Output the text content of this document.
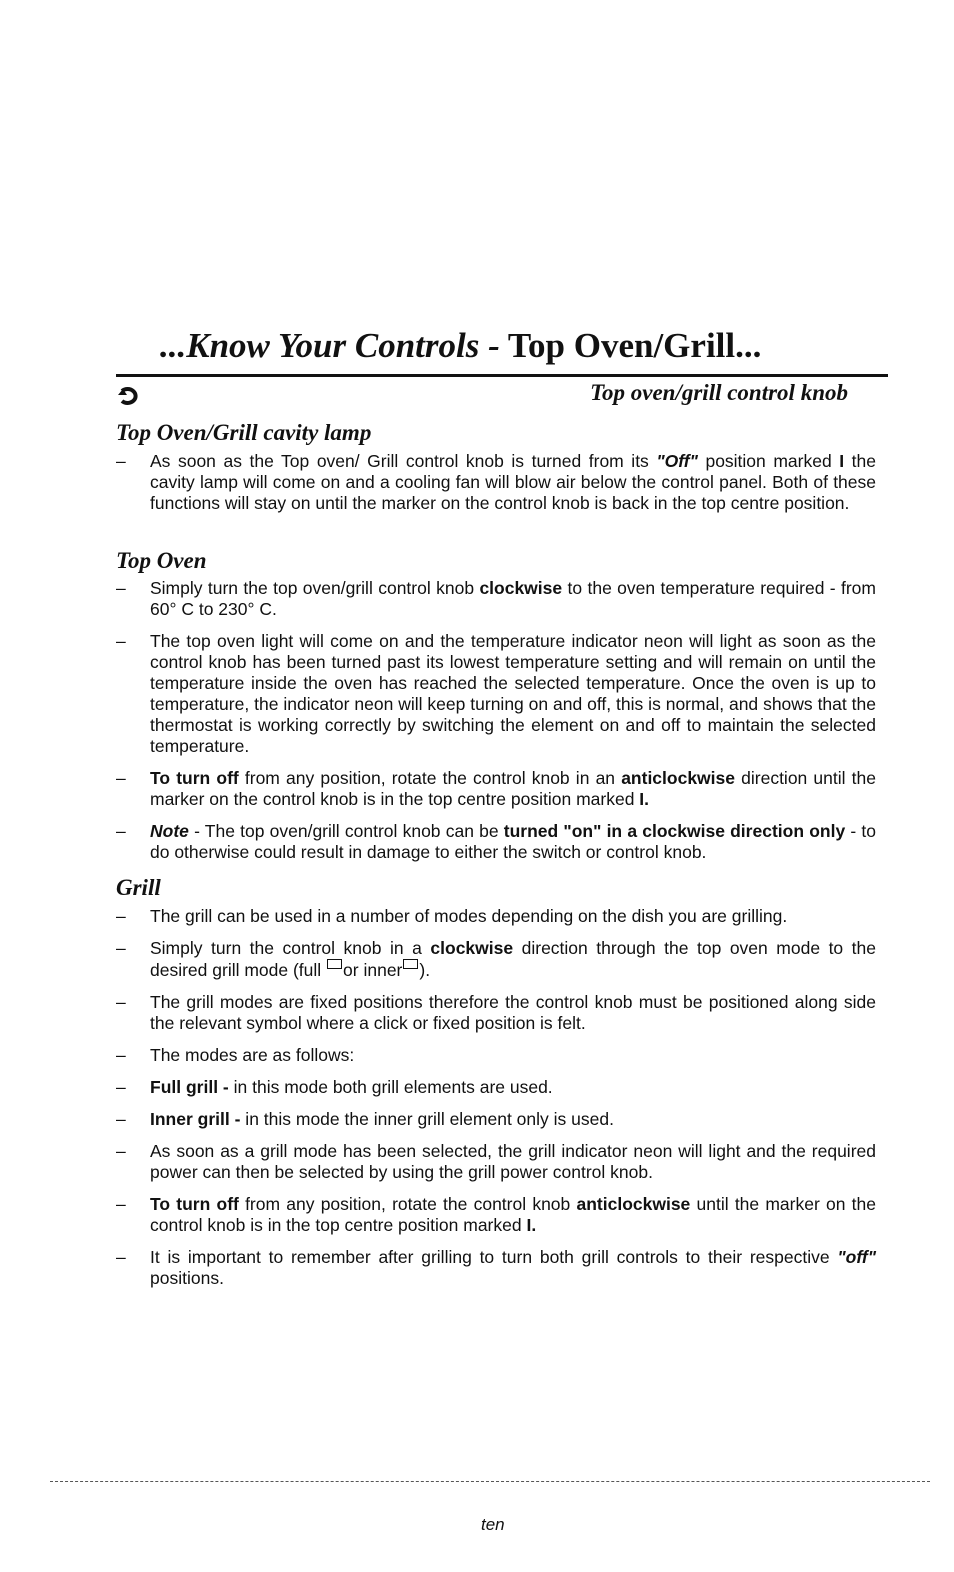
...Know Your Controls - Top Oven/Grill...
Top oven/grill control knob
Top Oven/Grill cavity lamp

–	As soon as the Top oven/ Grill control knob is turned from its "Off" position marked I the cavity lamp will come on and a cooling fan will blow air below the control panel. Both of these functions will stay on until the marker on the control knob is back in the top centre position.

Top Oven

–	Simply turn the top oven/grill control knob clockwise to the oven temperature required - from 60° C to 230° C.

–	The top oven light will come on and the temperature indicator neon will light as soon as the control knob has been turned past its lowest temperature setting and will remain on until the temperature inside the oven has reached the selected temperature. Once the oven is up to temperature, the indicator neon will keep turning on and off, this is normal, and shows that the thermostat is working correctly by switching the element on and off to maintain the selected temperature.

–	To turn off from any position, rotate the control knob in an anticlockwise direction until the marker on the control knob is in the top centre position marked I.

–	Note - The top oven/grill control knob can be turned "on" in a clockwise direction only - to do otherwise could result in damage to either the switch or control knob.

Grill

–	The grill can be used in a number of modes depending on the dish you are grilling.

–	Simply turn the control knob in a clockwise direction through the top oven mode to the desired grill mode (full or inner ).

–	The grill modes are fixed positions therefore the control knob must be positioned along side the relevant symbol where a click or fixed position is felt.

–	The modes are as follows:

–	Full grill - in this mode both grill elements are used.

–	Inner grill - in this mode the inner grill element only is used.

–	As soon as a grill mode has been selected, the grill indicator neon will light and the required power can then be selected by using the grill power control knob.

–	To turn off from any position, rotate the control knob anticlockwise until the marker on the control knob is in the top centre position marked I.

–	It is important to remember after grilling to turn both grill controls to their respective "off" positions.

ten
